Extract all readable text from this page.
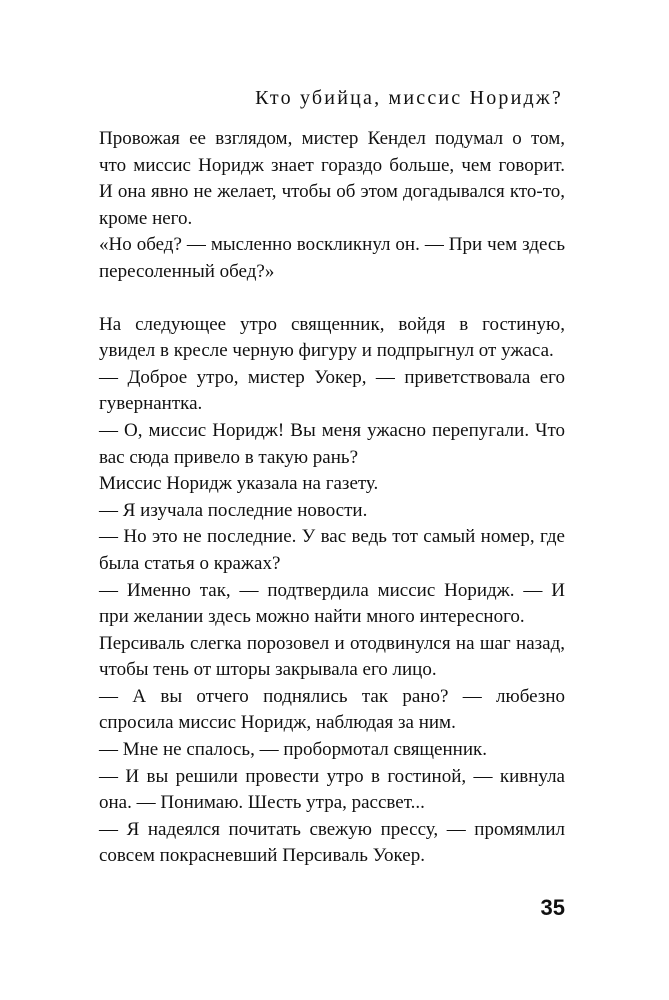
Кто убийца, миссис Норидж?

Провожая ее взглядом, мистер Кендел подумал о том, что миссис Норидж знает гораздо больше, чем говорит. И она явно не желает, чтобы об этом догадывался кто-то, кроме него.

«Но обед? — мысленно воскликнул он. — При чем здесь пересоленный обед?»

На следующее утро священник, войдя в гостиную, увидел в кресле черную фигуру и подпрыгнул от ужаса.

— Доброе утро, мистер Уокер, — приветствовала его гувернантка.

— О, миссис Норидж! Вы меня ужасно перепугали. Что вас сюда привело в такую рань?

Миссис Норидж указала на газету.

— Я изучала последние новости.

— Но это не последние. У вас ведь тот самый номер, где была статья о кражах?

— Именно так, — подтвердила миссис Норидж. — И при желании здесь можно найти много интересного.

Персиваль слегка порозовел и отодвинулся на шаг назад, чтобы тень от шторы закрывала его лицо.

— А вы отчего поднялись так рано? — любезно спросила миссис Норидж, наблюдая за ним.

— Мне не спалось, — пробормотал священник.

— И вы решили провести утро в гостиной, — кивнула она. — Понимаю. Шесть утра, рассвет...

— Я надеялся почитать свежую прессу, — промямлил совсем покрасневший Персиваль Уокер.

35
